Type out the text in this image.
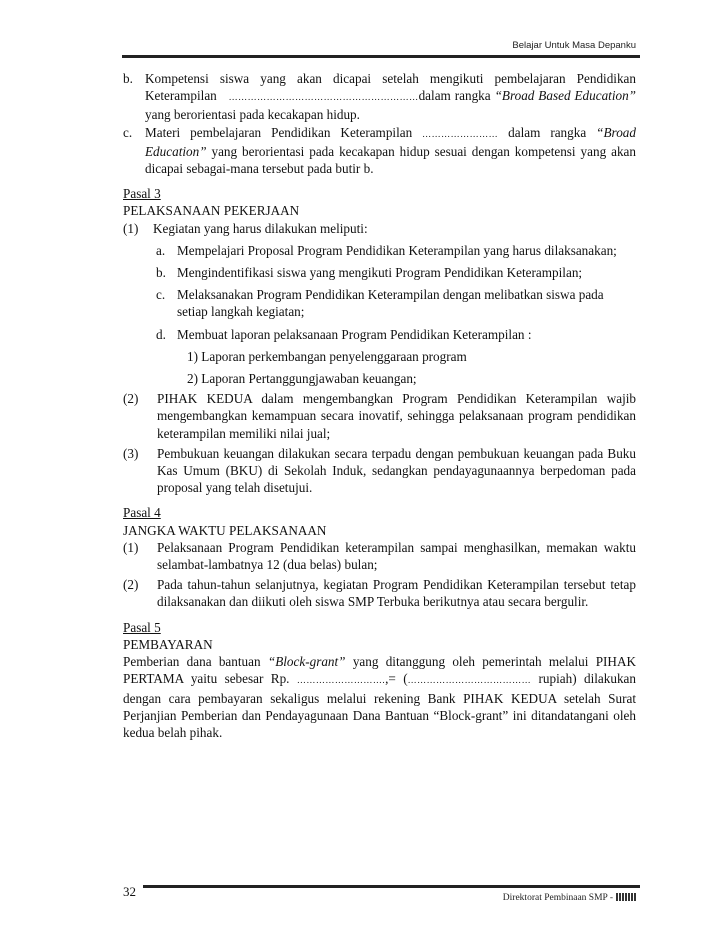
Belajar Untuk Masa Depanku
b. Kompetensi siswa yang akan dicapai setelah mengikuti pembelajaran Pendidikan Keterampilan ……………………………………………………dalam rangka “Broad Based Education” yang berorientasi pada kecakapan hidup.
c. Materi pembelajaran Pendidikan Keterampilan …………………… dalam rangka “Broad Education” yang berorientasi pada kecakapan hidup sesuai dengan kompetensi yang akan dicapai sebagai-mana tersebut pada butir b.
Pasal 3
PELAKSANAAN PEKERJAAN
(1) Kegiatan yang harus dilakukan meliputi:
a. Mempelajari Proposal Program Pendidikan Keterampilan yang harus dilaksanakan;
b. Mengindentifikasi siswa yang mengikuti Program Pendidikan Keterampilan;
c. Melaksanakan Program Pendidikan Keterampilan dengan melibatkan siswa pada setiap langkah kegiatan;
d. Membuat laporan pelaksanaan Program Pendidikan Keterampilan :
1) Laporan perkembangan penyelenggaraan program
2) Laporan Pertanggungjawaban keuangan;
(2) PIHAK KEDUA dalam mengembangkan Program Pendidikan Keterampilan wajib mengembangkan kemampuan secara inovatif, sehingga pelaksanaan program pendidikan keterampilan memiliki nilai jual;
(3) Pembukuan keuangan dilakukan secara terpadu dengan pembukuan keuangan pada Buku Kas Umum (BKU) di Sekolah Induk, sedangkan pendayagunaannya berpedoman pada proposal yang telah disetujui.
Pasal 4
JANGKA WAKTU PELAKSANAAN
(1) Pelaksanaan Program Pendidikan keterampilan sampai menghasilkan, memakan waktu selambat-lambatnya 12 (dua belas) bulan;
(2) Pada tahun-tahun selanjutnya, kegiatan Program Pendidikan Keterampilan tersebut tetap dilaksanakan dan diikuti oleh siswa SMP Terbuka berikutnya atau secara bergulir.
Pasal 5
PEMBAYARAN
Pemberian dana bantuan “Block-grant” yang ditanggung oleh pemerintah melalui PIHAK PERTAMA yaitu sebesar Rp. ……………………….,= (………………………………… rupiah) dilakukan dengan cara pembayaran sekaligus melalui rekening Bank PIHAK KEDUA setelah Surat Perjanjian Pemberian dan Pendayagunaan Dana Bantuan “Block-grant” ini ditandatangani oleh kedua belah pihak.
32	Direktorat Pembinaan SMP -
